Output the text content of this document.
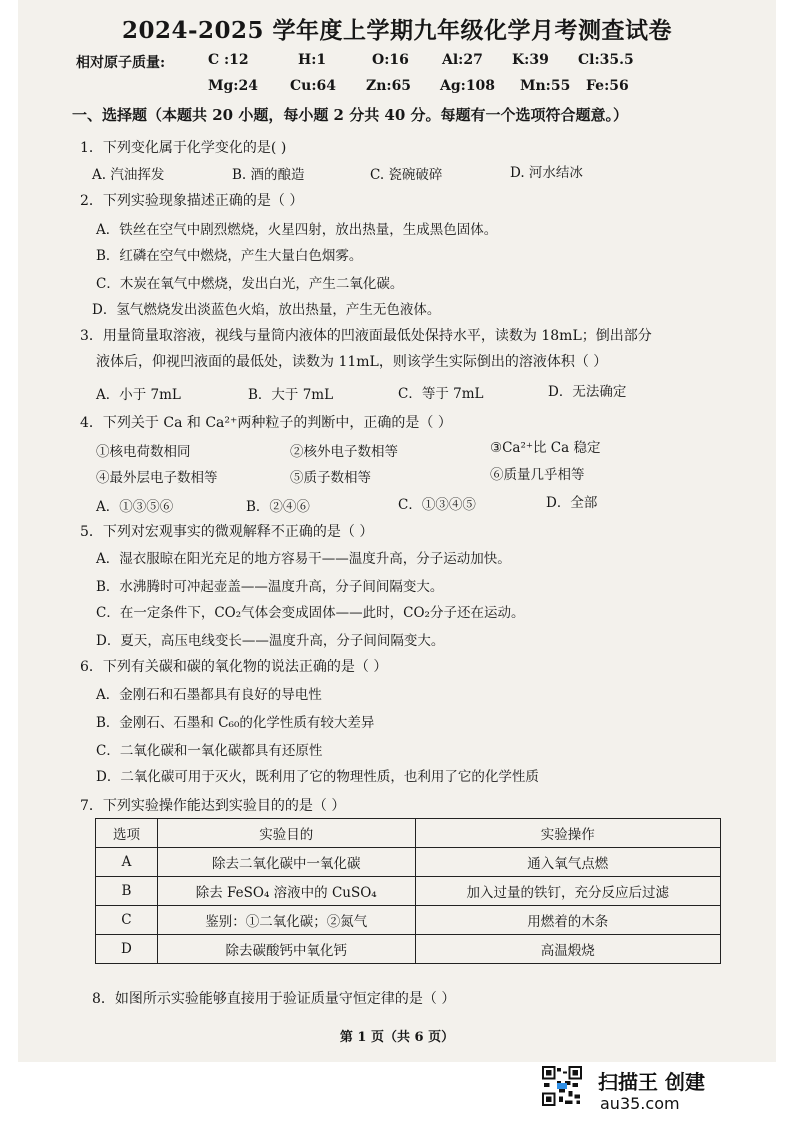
2024-2025 学年度上学期九年级化学月考测查试卷
相对原子质量:	C :12	H:1	O:16 Al:27 K:39 Cl:35.5
Mg:24 Cu:64 Zn:65 Ag:108 Mn:55 Fe:56
一、选择题（本题共 20 小题，每小题 2 分共 40 分。每题有一个选项符合题意。）
1．下列变化属于化学变化的是( )
A. 汽油挥发	B. 酒的酿造	C. 瓷碗破碎	D. 河水结冰
2．下列实验现象描述正确的是（ ）
A．铁丝在空气中剧烈燃烧，火星四射，放出热量，生成黑色固体。
B．红磷在空气中燃烧，产生大量白色烟雾。
C．木炭在氧气中燃烧，发出白光，产生二氧化碳。
D．氢气燃烧发出淡蓝色火焰，放出热量，产生无色液体。
3．用量筒量取溶液，视线与量筒内液体的凹液面最低处保持水平，读数为 18mL；倒出部分
液体后，仰视凹液面的最低处，读数为 11mL，则该学生实际倒出的溶液体积（ ）
A．小于 7mL	B．大于 7mL	C．等于 7mL	D．无法确定
4．下列关于 Ca 和 Ca²⁺两种粒子的判断中，正确的是（ ）
①核电荷数相同	②核外电子数相等	③Ca²⁺比 Ca 稳定
④最外层电子数相等	⑤质子数相等	⑥质量几乎相等
A．①③⑤⑥	B．②④⑥	C．①③④⑤	D．全部
5．下列对宏观事实的微观解释不正确的是（ ）
A．湿衣服晾在阳光充足的地方容易干——温度升高，分子运动加快。
B．水沸腾时可冲起壶盖——温度升高，分子间间隔变大。
C．在一定条件下，CO₂气体会变成固体——此时，CO₂分子还在运动。
D．夏天，高压电线变长——温度升高，分子间间隔变大。
6．下列有关碳和碳的氧化物的说法正确的是（ ）
A．金刚石和石墨都具有良好的导电性
B．金刚石、石墨和 C₆₀的化学性质有较大差异
C．二氧化碳和一氧化碳都具有还原性
D．二氧化碳可用于灭火，既利用了它的物理性质，也利用了它的化学性质
7．下列实验操作能达到实验目的的是（ ）
选项	实验目的	实验操作
A	除去二氧化碳中一氧化碳	通入氧气点燃
B	除去 FeSO₄ 溶液中的 CuSO₄	加入过量的铁钉，充分反应后过滤
C	鉴别：①二氧化碳；②氮气	用燃着的木条
D	除去碳酸钙中氧化钙	高温煅烧
8．如图所示实验能够直接用于验证质量守恒定律的是（ ）
第 1 页（共 6 页）
扫描王 创建
au35.com
